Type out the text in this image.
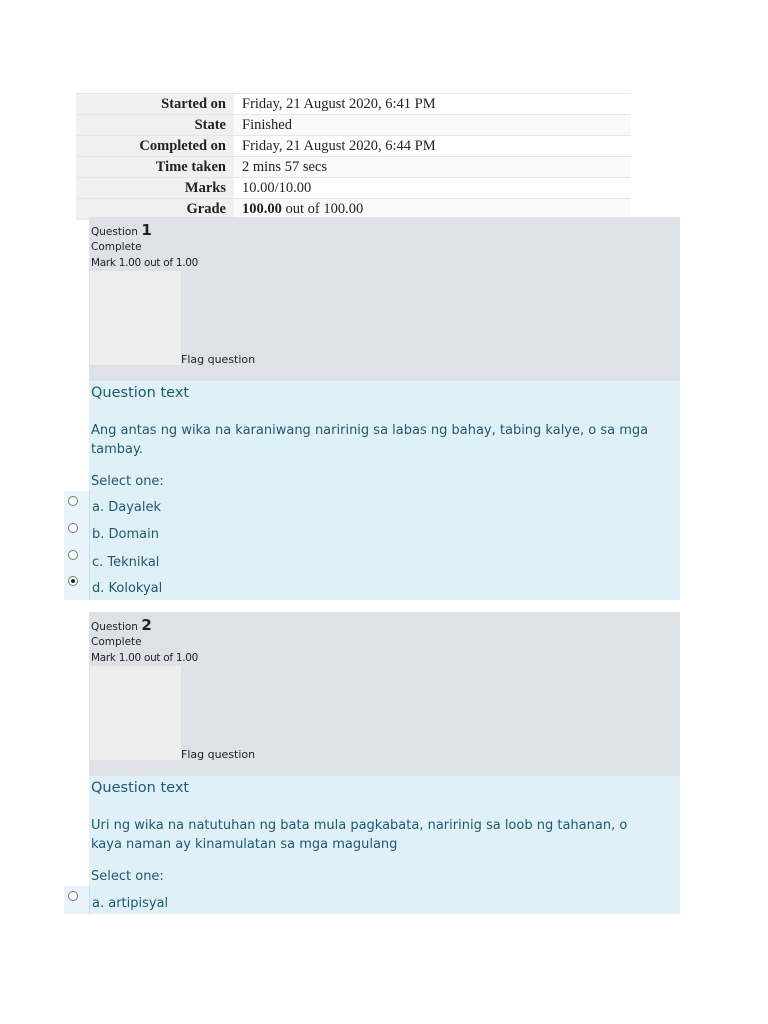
Started on	Friday, 21 August 2020, 6:41 PM
State	Finished
Completed on	Friday, 21 August 2020, 6:44 PM
Time taken	2 mins 57 secs
Marks	10.00/10.00
Grade	100.00 out of 100.00
Question 1
Complete
Mark 1.00 out of 1.00
Flag question
Question text
Ang antas ng wika na karaniwang naririnig sa labas ng bahay, tabing kalye, o sa mga tambay.
Select one:
a. Dayalek
b. Domain
c. Teknikal
d. Kolokyal
Question 2
Complete
Mark 1.00 out of 1.00
Flag question
Question text
Uri ng wika na natutuhan ng bata mula pagkabata, naririnig sa loob ng tahanan, o kaya naman ay kinamulatan sa mga magulang
Select one:
a. artipisyal
